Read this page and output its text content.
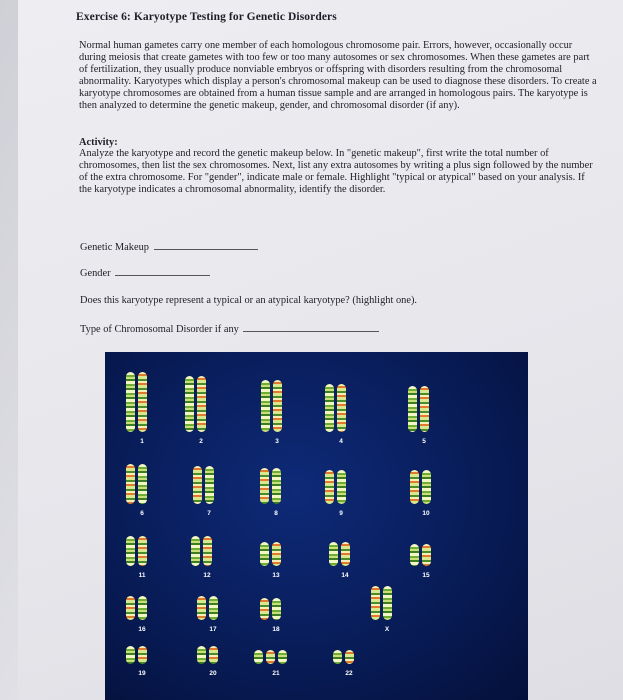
Exercise 6: Karyotype Testing for Genetic Disorders

Normal human gametes carry one member of each homologous chromosome pair. Errors, however, occasionally occur during meiosis that create gametes with too few or too many autosomes or sex chromosomes. When these gametes are part of fertilization, they usually produce nonviable embryos or offspring with disorders resulting from the chromosomal abnormality. Karyotypes which display a person's chromosomal makeup can be used to diagnose these disorders. To create a karyotype chromosomes are obtained from a human tissue sample and are arranged in homologous pairs. The karyotype is then analyzed to determine the genetic makeup, gender, and chromosomal disorder (if any).

Activity:

Analyze the karyotype and record the genetic makeup below. In "genetic makeup", first write the total number of chromosomes, then list the sex chromosomes. Next, list any extra autosomes by writing a plus sign followed by the number of the extra chromosome. For "gender", indicate male or female. Highlight "typical or atypical" based on your analysis. If the karyotype indicates a chromosomal abnormality, identify the disorder.

Genetic Makeup
Gender
Does this karyotype represent a typical or an atypical karyotype? (highlight one).
Type of Chromosomal Disorder if any
1	2	3	4	5
6	7	8	9	10
11	12	13	14	15
16	17	18	X
19	20	21	22
